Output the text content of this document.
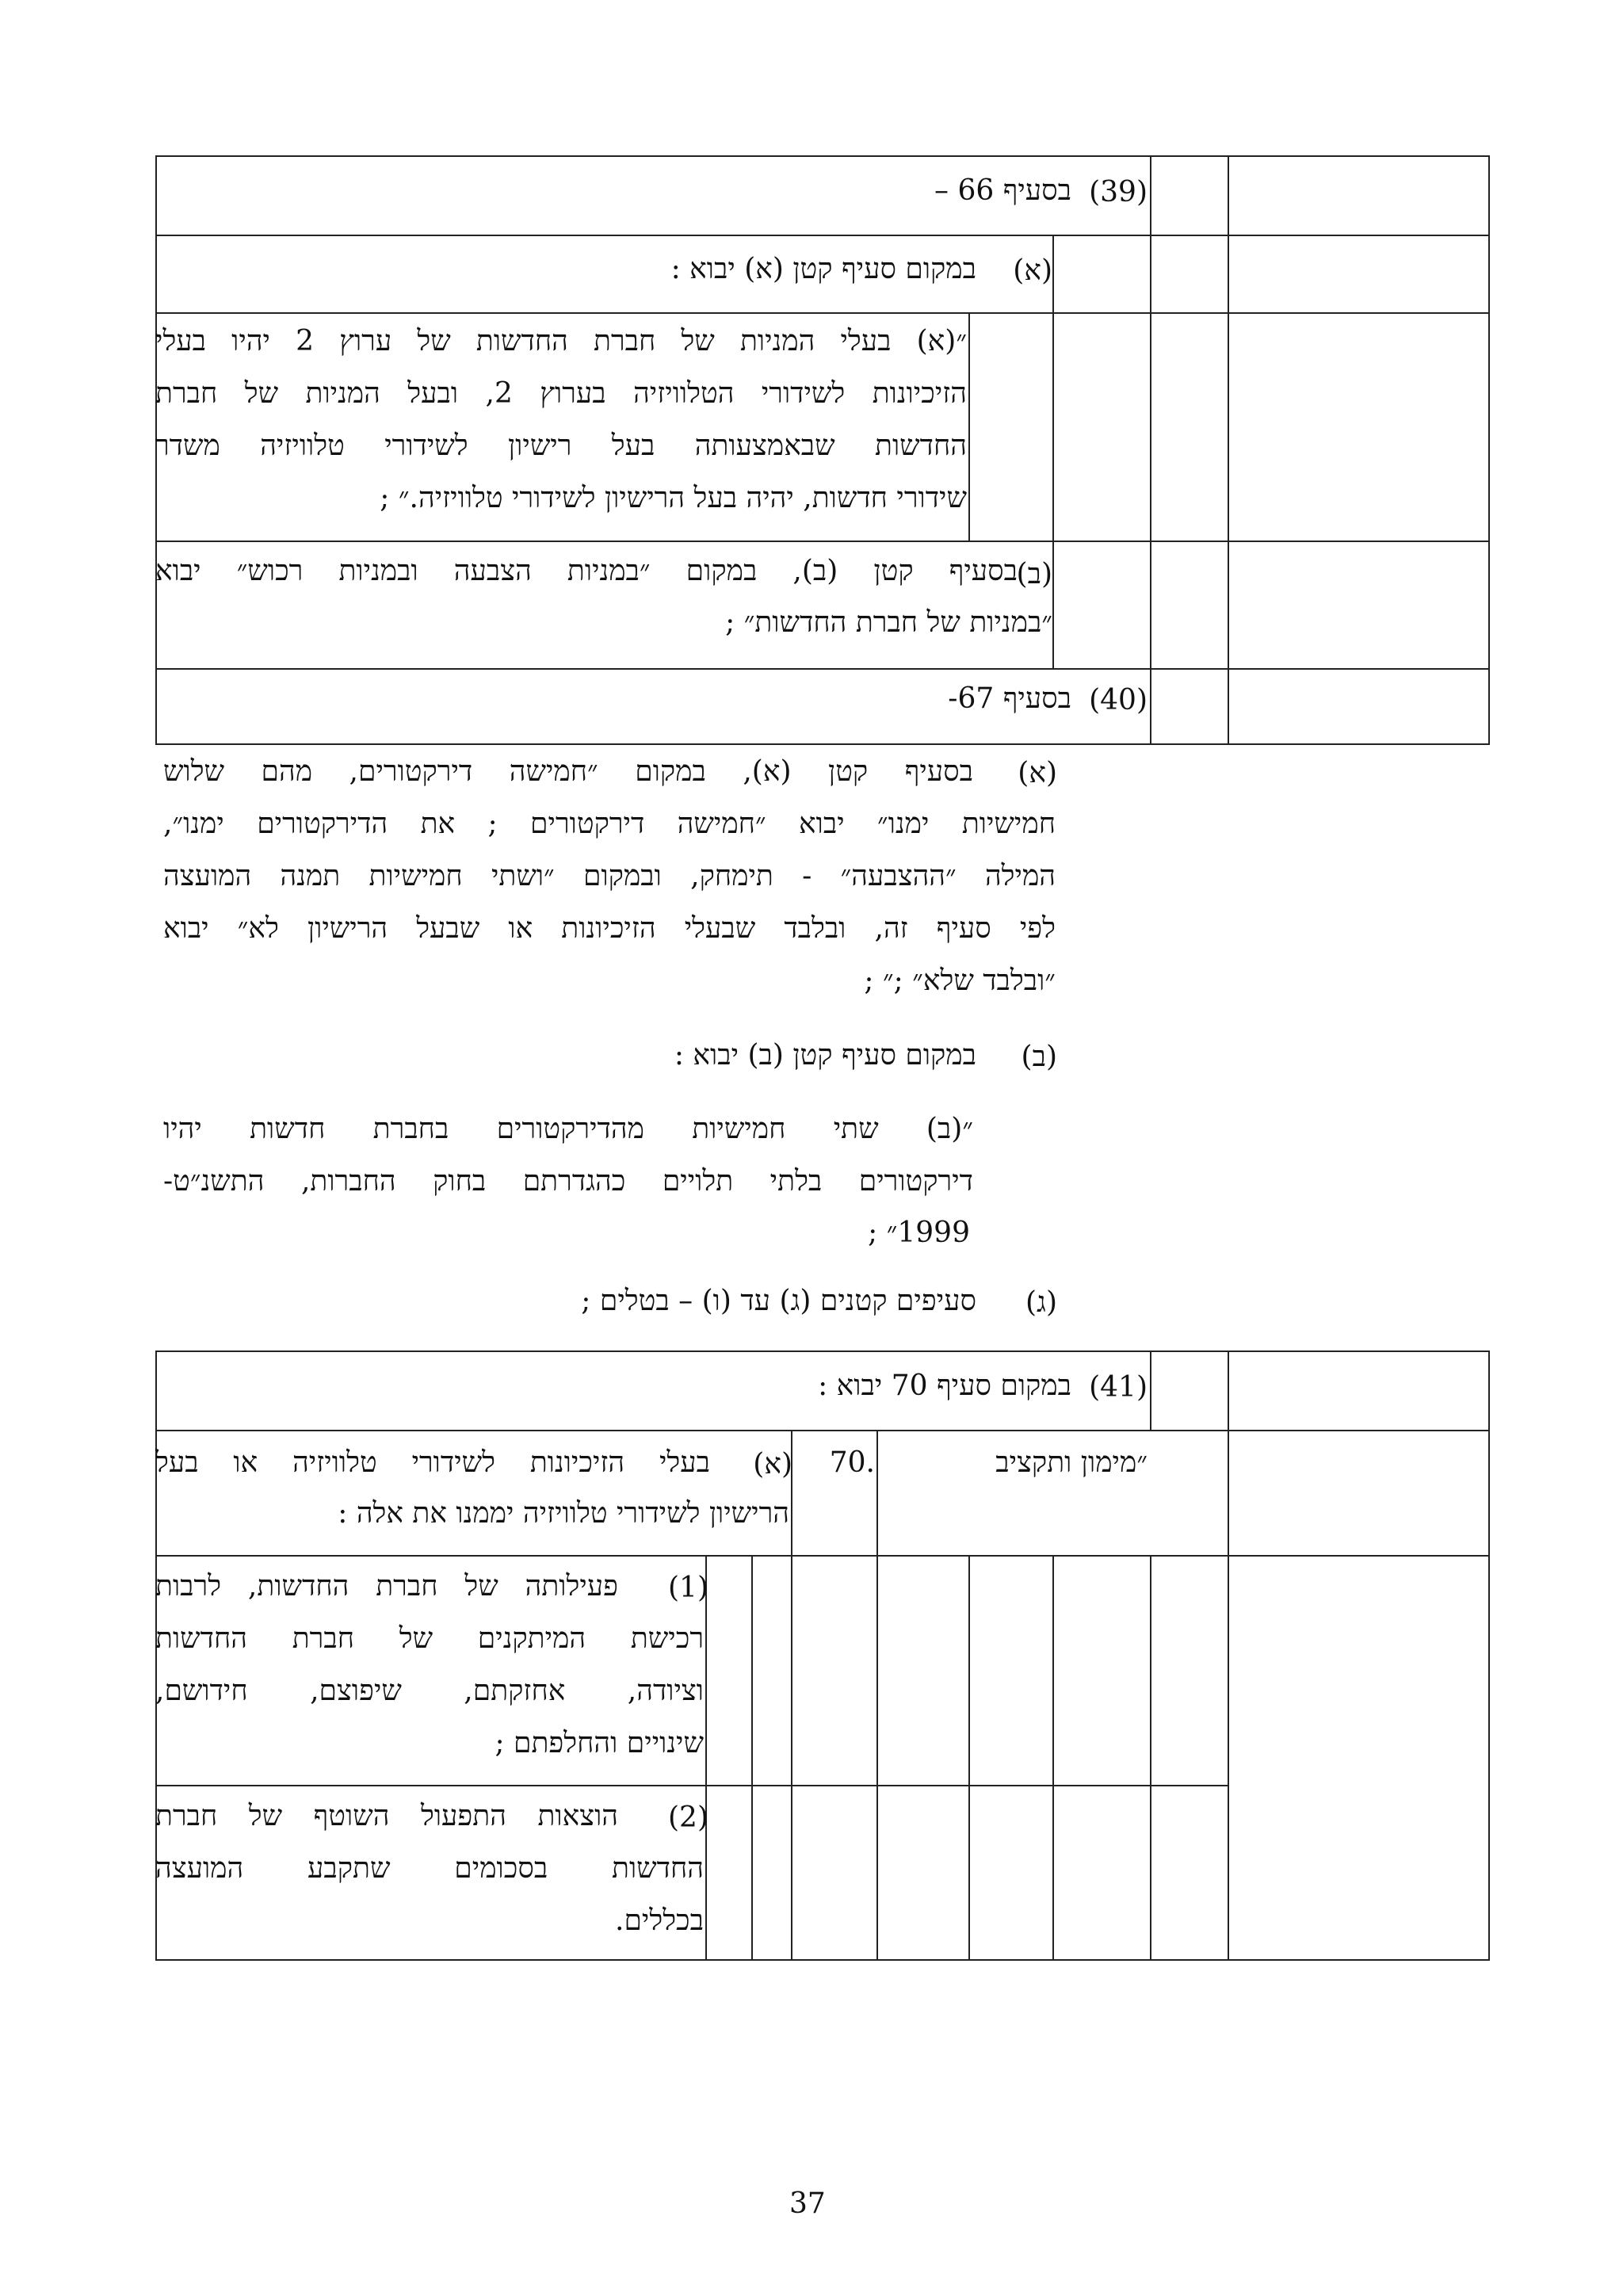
(39)
בסעיף 66 –
(א)
במקום סעיף קטן (א) יבוא :
״(א) בעלי המניות של חברת החדשות של ערוץ 2 יהיו בעלי
הזיכיונות לשידורי הטלוויזיה בערוץ 2, ובעל המניות של חברת
החדשות שבאמצעותה בעל רישיון לשידורי טלוויזיה משדר
שידורי חדשות, יהיה בעל הרישיון לשידורי טלוויזיה.״ ;
(ב)
בסעיף קטן (ב), במקום ״במניות הצבעה ובמניות רכוש״ יבוא
״במניות של חברת החדשות״ ;
(40)
בסעיף 67-
(א)
בסעיף קטן (א), במקום ״חמישה דירקטורים, מהם שלוש
חמישיות ימנו״ יבוא ״חמישה דירקטורים ; את הדירקטורים ימנו״,
המילה ״ההצבעה״ - תימחק, ובמקום ״ושתי חמישיות תמנה המועצה
לפי סעיף זה, ובלבד שבעלי הזיכיונות או שבעל הרישיון לא״ יבוא
״ובלבד שלא״ ;״ ;
(ב)
במקום סעיף קטן (ב) יבוא :
״(ב) שתי חמישיות מהדירקטורים בחברת חדשות יהיו
דירקטורים בלתי תלויים כהגדרתם בחוק החברות, התשנ״ט-
1999״ ;
(ג)
סעיפים קטנים (ג) עד (ו) – בטלים ;
(41)
במקום סעיף 70 יבוא :
״מימון ותקציב
.70
(א)
בעלי הזיכיונות לשידורי טלוויזיה או בעל
הרישיון לשידורי טלוויזיה יממנו את אלה :
(1)
פעילותה של חברת החדשות, לרבות
רכישת המיתקנים של חברת החדשות
וציודה, אחזקתם, שיפוצם, חידושם,
שינויים והחלפתם ;
(2)
הוצאות התפעול השוטף של חברת
החדשות בסכומים שתקבע המועצה
בכללים.
37
